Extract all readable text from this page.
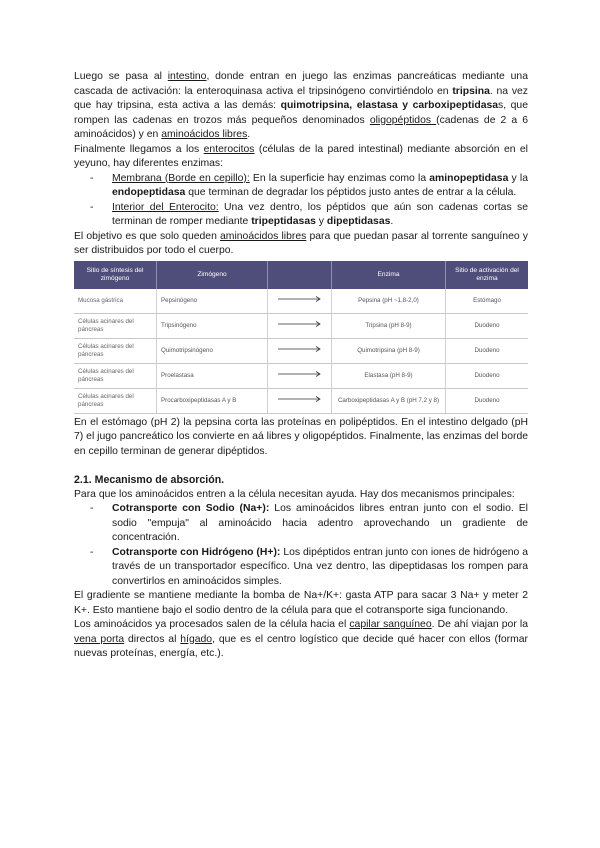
Luego se pasa al intestino, donde entran en juego las enzimas pancreáticas mediante una cascada de activación: la enteroquinasa activa el tripsinógeno convirtiéndolo en tripsina. na vez que hay tripsina, esta activa a las demás: quimotripsina, elastasa y carboxipeptidasas, que rompen las cadenas en trozos más pequeños denominados oligopéptidos (cadenas de 2 a 6 aminoácidos) y en aminoácidos libres.

Finalmente llegamos a los enterocitos (células de la pared intestinal) mediante absorción en el yeyuno, hay diferentes enzimas:

- Membrana (Borde en cepillo): En la superficie hay enzimas como la aminopeptidasa y la endopeptidasa que terminan de degradar los péptidos justo antes de entrar a la célula.
- Interior del Enterocito: Una vez dentro, los péptidos que aún son cadenas cortas se terminan de romper mediante tripeptidasas y dipeptidasas.

El objetivo es que solo queden aminoácidos libres para que puedan pasar al torrente sanguíneo y ser distribuidos por todo el cuerpo.

Sitio de síntesis del zimógeno	Zimógeno		Enzima	Sitio de activación del enzima
Mucosa gástrica	Pepsinógeno		Pepsina (pH ~1,8-2,0)	Estómago
Células acinares del páncreas	Tripsinógeno		Tripsina (pH 8-9)	Duodeno
Células acinares del páncreas	Quimotripsinógeno		Quimotripsina (pH 8-9)	Duodeno
Células acinares del páncreas	Proelastasa		Elastasa (pH 8-9)	Duodeno
Células acinares del páncreas	Procarboxipeptidasas A y B		Carboxipeptidasas A y B (pH 7,2 y 8)	Duodeno

En el estómago (pH 2) la pepsina corta las proteínas en polipéptidos. En el intestino delgado (pH 7) el jugo pancreático los convierte en aá libres y oligopéptidos. Finalmente, las enzimas del borde en cepillo terminan de generar dipéptidos.

2.1. Mecanismo de absorción.

Para que los aminoácidos entren a la célula necesitan ayuda. Hay dos mecanismos principales:

- Cotransporte con Sodio (Na+): Los aminoácidos libres entran junto con el sodio. El sodio "empuja" al aminoácido hacia adentro aprovechando un gradiente de concentración.
- Cotransporte con Hidrógeno (H+): Los dipéptidos entran junto con iones de hidrógeno a través de un transportador específico. Una vez dentro, las dipeptidasas los rompen para convertirlos en aminoácidos simples.

El gradiente se mantiene mediante la bomba de Na+/K+: gasta ATP para sacar 3 Na+ y meter 2 K+. Esto mantiene bajo el sodio dentro de la célula para que el cotransporte siga funcionando.

Los aminoácidos ya procesados salen de la célula hacia el capilar sanguíneo. De ahí viajan por la vena porta directos al hígado, que es el centro logístico que decide qué hacer con ellos (formar nuevas proteínas, energía, etc.).
